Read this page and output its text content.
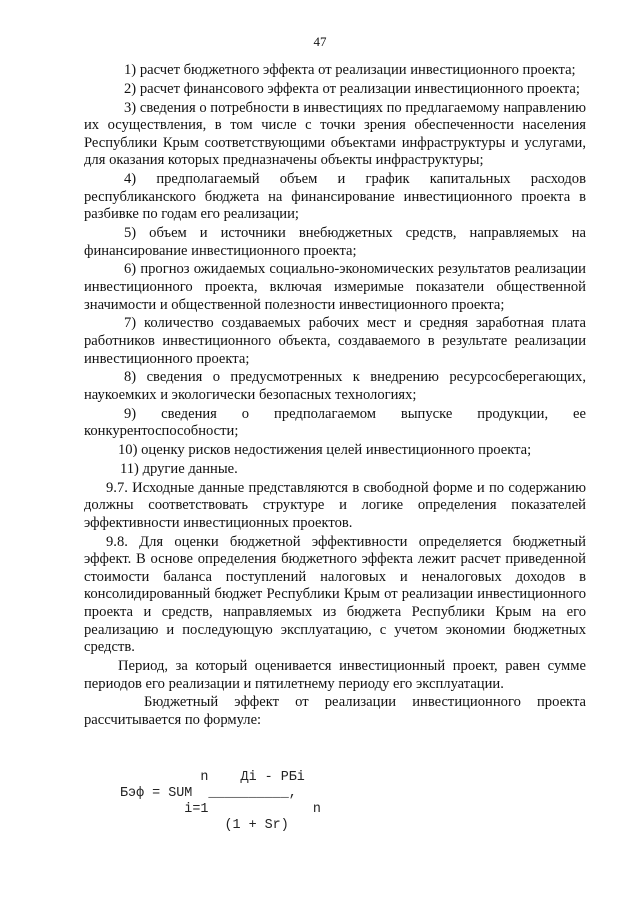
47

1) расчет бюджетного эффекта от реализации инвестиционного проекта;

2) расчет финансового эффекта от реализации инвестиционного проекта;

3) сведения о потребности в инвестициях по предлагаемому направлению их осуществления, в том числе с точки зрения обеспеченности населения Республики Крым соответствующими объектами инфраструктуры и услугами, для оказания которых предназначены объекты инфраструктуры;

4) предполагаемый объем и график капитальных расходов республиканского бюджета на финансирование инвестиционного проекта в разбивке по годам его реализации;

5) объем и источники внебюджетных средств, направляемых на финансирование инвестиционного проекта;

6) прогноз ожидаемых социально-экономических результатов реализации инвестиционного проекта, включая измеримые показатели общественной значимости и общественной полезности инвестиционного проекта;

7) количество создаваемых рабочих мест и средняя заработная плата работников инвестиционного объекта, создаваемого в результате реализации инвестиционного проекта;

8) сведения о предусмотренных к внедрению ресурсосберегающих, наукоемких и экологически безопасных технологиях;

9) сведения о предполагаемом выпуске продукции, ее конкурентоспособности;

10) оценку рисков недостижения целей инвестиционного проекта;

11) другие данные.

9.7. Исходные данные представляются в свободной форме и по содержанию должны соответствовать структуре и логике определения показателей эффективности инвестиционных проектов.

9.8. Для оценки бюджетной эффективности определяется бюджетный эффект. В основе определения бюджетного эффекта лежит расчет приведенной стоимости баланса поступлений налоговых и неналоговых доходов в консолидированный бюджет Республики Крым от реализации инвестиционного проекта и средств, направляемых из бюджета Республики Крым на его реализацию и последующую эксплуатацию, с учетом экономии бюджетных средств.

Период, за который оценивается инвестиционный проект, равен сумме периодов его реализации и пятилетнему периоду его эксплуатации.

Бюджетный эффект от реализации инвестиционного проекта рассчитывается по формуле:

n    Дi - РБi
Бэф = SUM  __________,
i=1             n
(1 + Sr)
